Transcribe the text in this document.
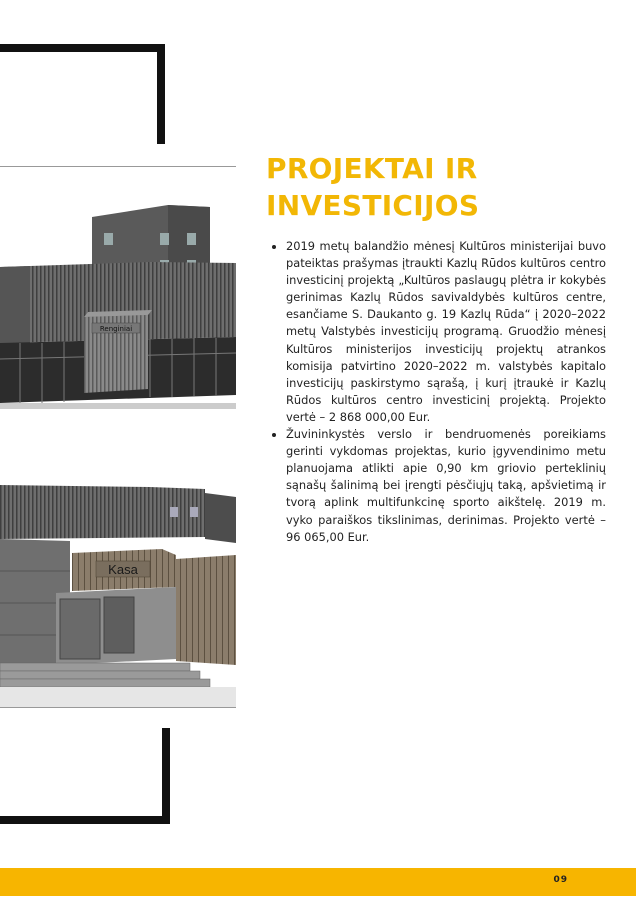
Renginiai
Kasa
PROJEKTAI IR
INVESTICIJOS
• 2019 metų balandžio mėnesį Kultūros ministerijai buvo pateiktas prašymas įtraukti Kazlų Rūdos kultūros centro investicinį projektą „Kultūros paslaugų plėtra ir kokybės gerinimas Kazlų Rūdos savivaldybės kultūros centre, esančiame S. Daukanto g. 19 Kazlų Rūda“ į 2020–2022 metų Valstybės investicijų programą. Gruodžio mėnesį Kultūros ministerijos investicijų projektų atrankos komisija patvirtino 2020–2022 m. valstybės kapitalo investicijų paskirstymo sąrašą, į kurį įtraukė ir Kazlų Rūdos kultūros centro investicinį projektą. Projekto vertė – 2 868 000,00 Eur.
• Žuvininkystės verslo ir bendruomenės poreikiams gerinti vykdomas projektas, kurio įgyvendinimo metu planuojama atlikti apie 0,90 km griovio perteklinių sąnašų šalinimą bei įrengti pėsčiųjų taką, apšvietimą ir tvorą aplink multifunkcinę sporto aikštelę. 2019 m. vyko paraiškos tikslinimas, derinimas. Projekto vertė – 96 065,00 Eur.
09
